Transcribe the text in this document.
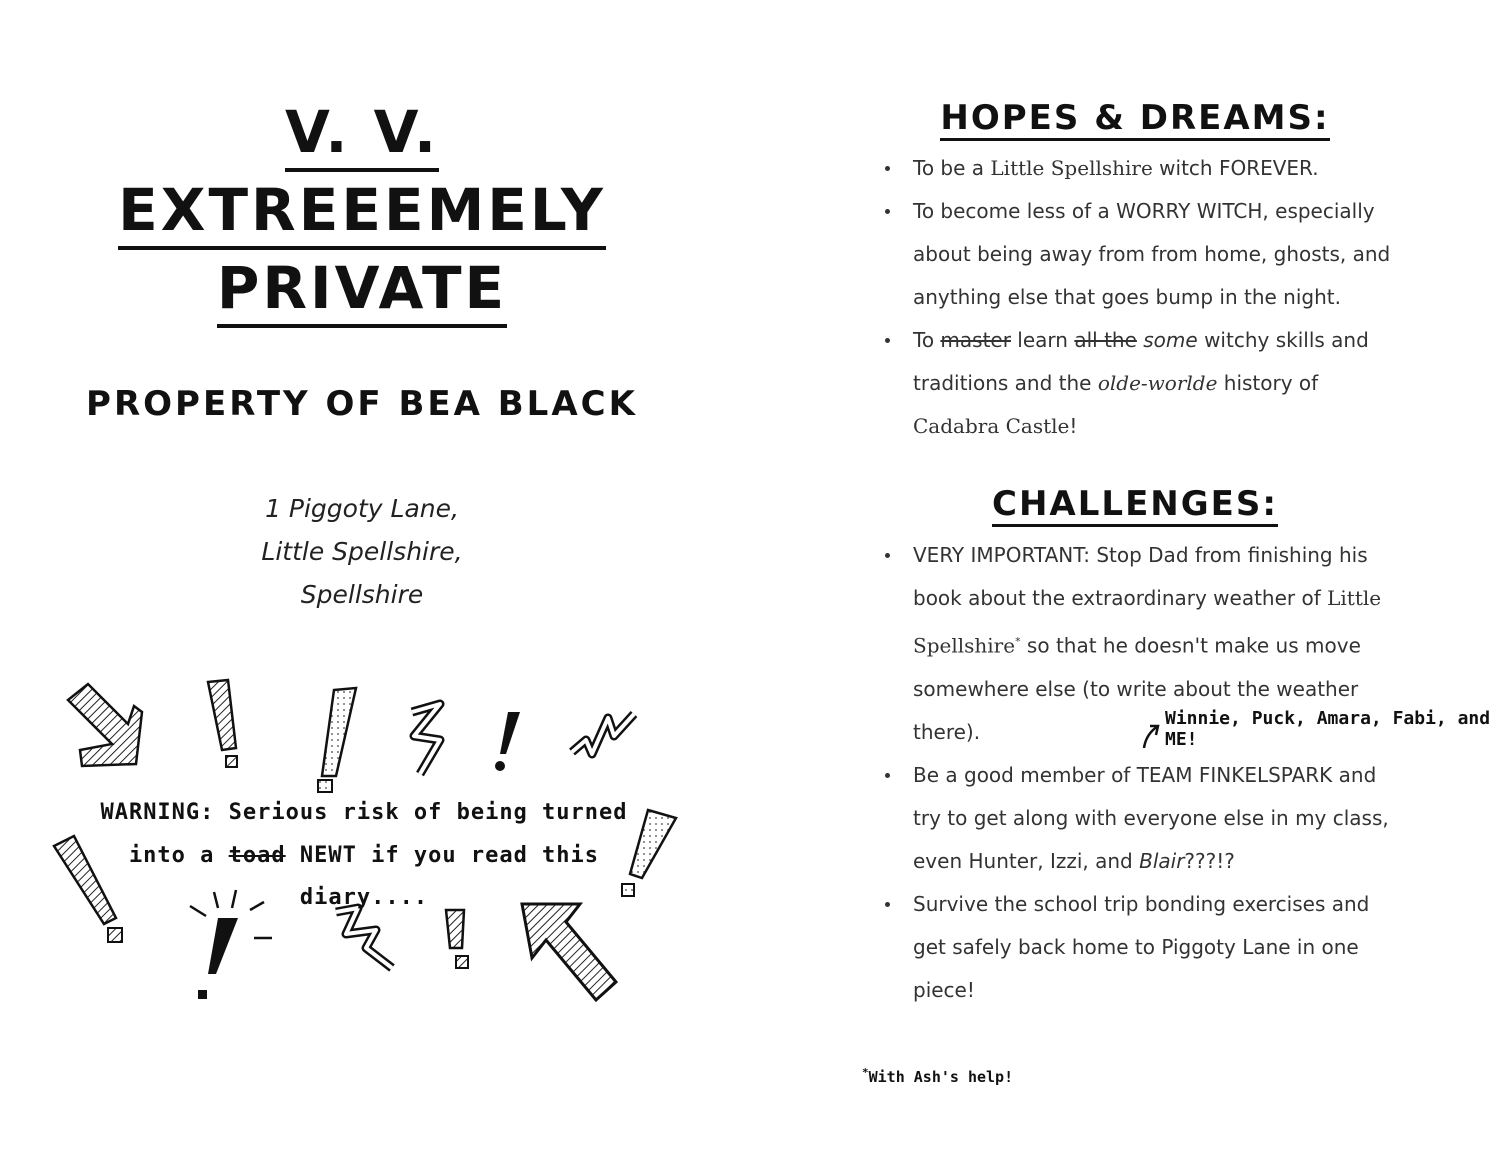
V. V.
EXTREEEMELY
PRIVATE
PROPERTY OF BEA BLACK
1 Piggoty Lane,
Little Spellshire,
Spellshire
WARNING: Serious risk of being turned
into a toad NEWT if you read this diary....
HOPES & DREAMS:
To be a Little Spellshire witch FOREVER.
To become less of a WORRY WITCH, especially about being away from from home, ghosts, and anything else that goes bump in the night.
To master learn all the some witchy skills and traditions and the olde-worlde history of Cadabra Castle!
CHALLENGES:
VERY IMPORTANT: Stop Dad from finishing his book about the extraordinary weather of Little Spellshire* so that he doesn't make us move somewhere else (to write about the weather there).
Be a good member of TEAM FINKELSPARK and try to get along with everyone else in my class, even Hunter, Izzi, and Blair???!?
Survive the school trip bonding exercises and get safely back home to Piggoty Lane in one piece!
Winnie, Puck, Amara, Fabi, and ME!
*With Ash's help!
